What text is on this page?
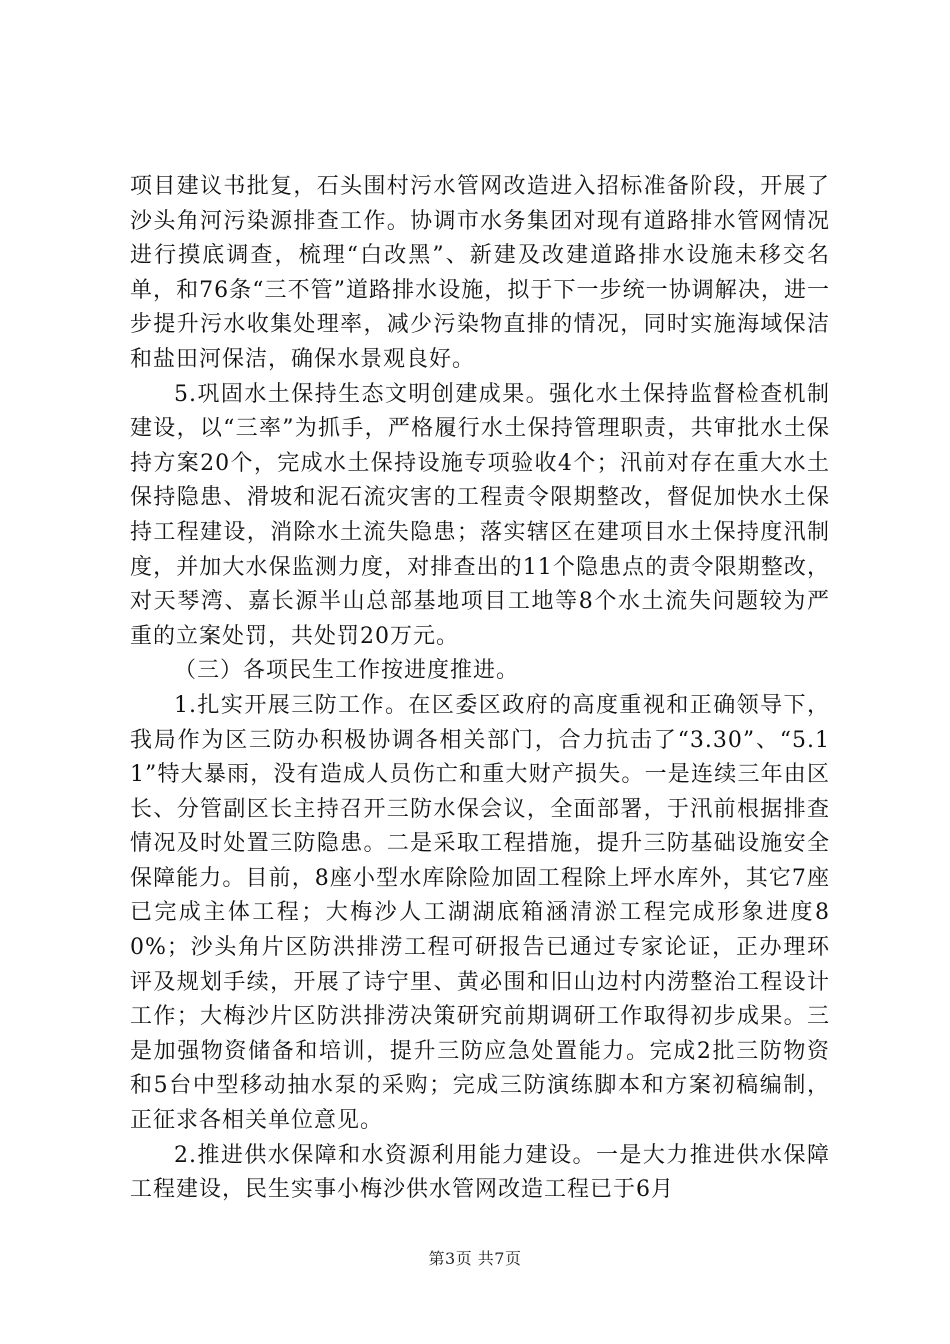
项目建议书批复，石头围村污水管网改造进入招标准备阶段，开展了沙头角河污染源排查工作。协调市水务集团对现有道路排水管网情况进行摸底调查，梳理“白改黑”、新建及改建道路排水设施未移交名单，和76条“三不管”道路排水设施，拟于下一步统一协调解决，进一步提升污水收集处理率，减少污染物直排的情况，同时实施海域保洁和盐田河保洁，确保水景观良好。

5.巩固水土保持生态文明创建成果。强化水土保持监督检查机制建设，以“三率”为抓手，严格履行水土保持管理职责，共审批水土保持方案20个，完成水土保持设施专项验收4个；汛前对存在重大水土保持隐患、滑坡和泥石流灾害的工程责令限期整改，督促加快水土保持工程建设，消除水土流失隐患；落实辖区在建项目水土保持度汛制度，并加大水保监测力度，对排查出的11个隐患点的责令限期整改，对天琴湾、嘉长源半山总部基地项目工地等8个水土流失问题较为严重的立案处罚，共处罚20万元。

（三）各项民生工作按进度推进。

1.扎实开展三防工作。在区委区政府的高度重视和正确领导下，我局作为区三防办积极协调各相关部门，合力抗击了“3.30”、“5.11”特大暴雨，没有造成人员伤亡和重大财产损失。一是连续三年由区长、分管副区长主持召开三防水保会议，全面部署，于汛前根据排查情况及时处置三防隐患。二是采取工程措施，提升三防基础设施安全保障能力。目前，8座小型水库除险加固工程除上坪水库外，其它7座已完成主体工程；大梅沙人工湖湖底箱涵清淤工程完成形象进度80%；沙头角片区防洪排涝工程可研报告已通过专家论证，正办理环评及规划手续，开展了诗宁里、黄必围和旧山边村内涝整治工程设计工作；大梅沙片区防洪排涝决策研究前期调研工作取得初步成果。三是加强物资储备和培训，提升三防应急处置能力。完成2批三防物资和5台中型移动抽水泵的采购；完成三防演练脚本和方案初稿编制，正征求各相关单位意见。

2.推进供水保障和水资源利用能力建设。一是大力推进供水保障工程建设，民生实事小梅沙供水管网改造工程已于6月

第3页 共7页
